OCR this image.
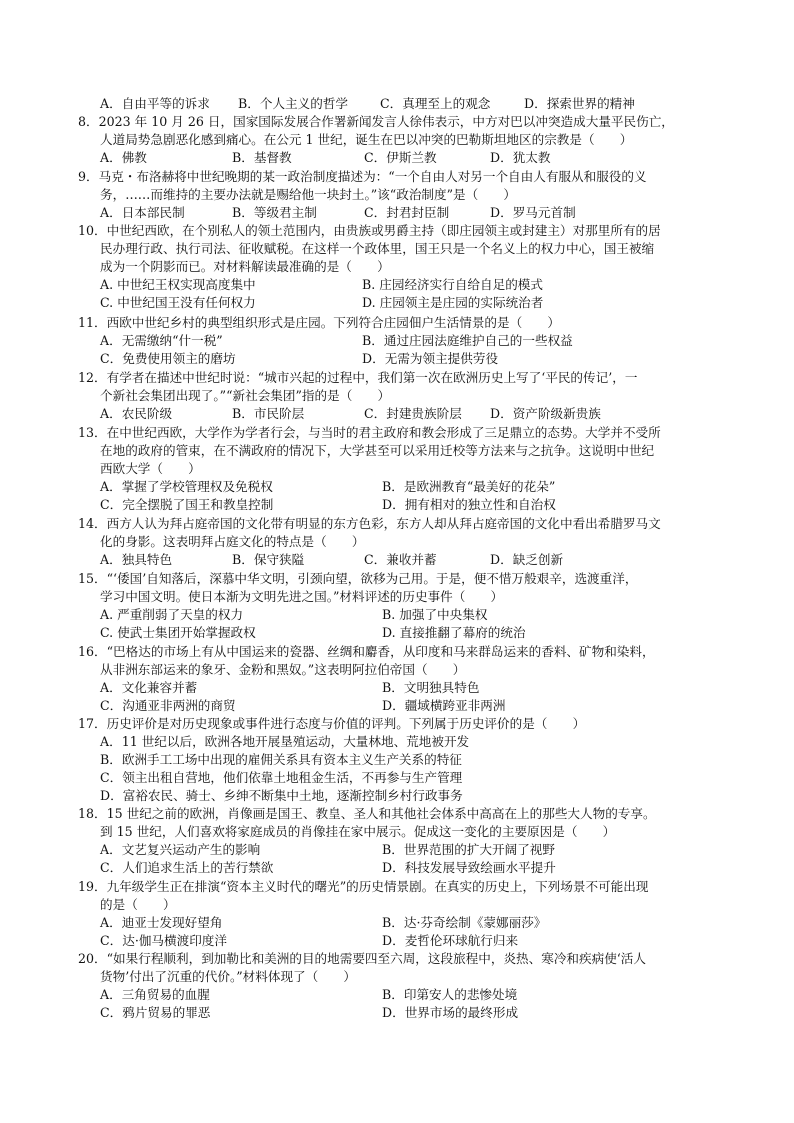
A．自由平等的诉求 B．个人主义的哲学	C．真理至上的观念	D．探索世界的精神
8．2023 年 10 月 26 日，国家国际发展合作署新闻发言人徐伟表示，中方对巴以冲突造成大量平民伤亡，
人道局势急剧恶化感到痛心。在公元 1 世纪，诞生在巴以冲突的巴勒斯坦地区的宗教是（　　）
A．佛教	B．基督教	C．伊斯兰教	D．犹太教
9．马克・布洛赫将中世纪晚期的某一政治制度描述为：“一个自由人对另一个自由人有服从和服役的义
务，……而维持的主要办法就是赐给他一块封土。”该“政治制度”是（　　）
A．日本部民制	B．等级君主制	C．封君封臣制	D．罗马元首制
10．中世纪西欧，在个别私人的领土范围内，由贵族或男爵主持（即庄园领主或封建主）对那里所有的居
民办理行政、执行司法、征收赋税。在这样一个政体里，国王只是一个名义上的权力中心，国王被缩
成为一个阴影而已。对材料解读最准确的是（　　）
A. 中世纪王权实现高度集中	B. 庄园经济实行自给自足的模式
C. 中世纪国王没有任何权力	D. 庄园领主是庄园的实际统治者
11．西欧中世纪乡村的典型组织形式是庄园。下列符合庄园佃户生活情景的是（　　）
A．无需缴纳“什一税”	B．通过庄园法庭维护自己的一些权益
C．免费使用领主的磨坊	D．无需为领主提供劳役
12．有学者在描述中世纪时说：“城市兴起的过程中，我们第一次在欧洲历史上写了‘平民的传记’，一
个新社会集团出现了。”“新社会集团”指的是（　　）
A．农民阶级	B．市民阶层	C．封建贵族阶层 D．资产阶级新贵族
13．在中世纪西欧，大学作为学者行会，与当时的君主政府和教会形成了三足鼎立的态势。大学并不受所
在地的政府的管束，在不满政府的情况下，大学甚至可以采用迁校等方法来与之抗争。这说明中世纪
西欧大学（　　）
A．掌握了学校管理权及免税权	B．是欧洲教育“最美好的花朵”
C．完全摆脱了国王和教皇控制	D．拥有相对的独立性和自治权
14．西方人认为拜占庭帝国的文化带有明显的东方色彩，东方人却从拜占庭帝国的文化中看出希腊罗马文
化的身影。这表明拜占庭文化的特点是（　　）
A．独具特色	B．保守狭隘	C．兼收并蓄	D．缺乏创新
15．“‘倭国’自知落后，深慕中华文明，引颈向望，欲移为己用。于是，便不惜万般艰辛，选渡重洋，
学习中国文明。使日本渐为文明先进之国。”材料评述的历史事件（　　）
A. 严重削弱了天皇的权力	B. 加强了中央集权
C. 使武士集团开始掌握政权	D. 直接推翻了幕府的统治
16．“巴格达的市场上有从中国运来的瓷器、丝绸和麝香，从印度和马来群岛运来的香料、矿物和染料，
从非洲东部运来的象牙、金粉和黑奴。”这表明阿拉伯帝国（　　）
A．文化兼容并蓄	B．文明独具特色
C．沟通亚非两洲的商贸	D．疆域横跨亚非两洲
17．历史评价是对历史现象或事件进行态度与价值的评判。下列属于历史评价的是（　　）
A．11 世纪以后，欧洲各地开展垦殖运动，大量林地、荒地被开发
B．欧洲手工工场中出现的雇佣关系具有资本主义生产关系的特征
C．领主出租自营地，他们依靠土地租金生活，不再参与生产管理
D．富裕农民、骑士、乡绅不断集中土地，逐渐控制乡村行政事务
18．15 世纪之前的欧洲，肖像画是国王、教皇、圣人和其他社会体系中高高在上的那些大人物的专享。
到 15 世纪，人们喜欢将家庭成员的肖像挂在家中展示。促成这一变化的主要原因是（　　）
A．文艺复兴运动产生的影响	B．世界范围的扩大开阔了视野
C．人们追求生活上的苦行禁欲	D．科技发展导致绘画水平提升
19．九年级学生正在排演“资本主义时代的曙光”的历史情景剧。在真实的历史上，下列场景不可能出现
的是（　　）
A．迪亚士发现好望角	B．达·芬奇绘制《蒙娜丽莎》
C．达·伽马横渡印度洋	D．麦哲伦环球航行归来
20．“如果行程顺利，到加勒比和美洲的目的地需要四至六周，这段旅程中，炎热、寒冷和疾病使‘活人
货物’付出了沉重的代价。”材料体现了（　　）
A．三角贸易的血腥	B．印第安人的悲惨处境
C．鸦片贸易的罪恶	D．世界市场的最终形成
